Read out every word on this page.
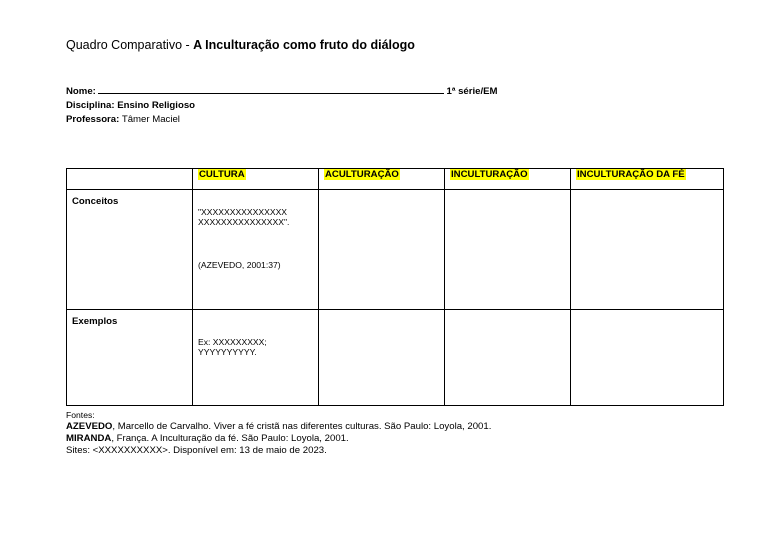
Quadro Comparativo - A Inculturação como fruto do diálogo
Nome:	1ª série/EM
Disciplina: Ensino Religioso
Professora: Tâmer Maciel
	CULTURA	ACULTURAÇÃO	INCULTURAÇÃO	INCULTURAÇÃO DA FÉ
Conceitos	"XXXXXXXXXXXXXXX XXXXXXXXXXXXXXX".
(AZEVEDO, 2001:37)			

Exemplos	Ex: XXXXXXXXX; YYYYYYYYYY.			

Fontes:
AZEVEDO, Marcello de Carvalho. Viver a fé cristã nas diferentes culturas. São Paulo: Loyola, 2001.
MIRANDA, França. A Inculturação da fé. São Paulo: Loyola, 2001.
Sites: <XXXXXXXXXX>. Disponível em: 13 de maio de 2023.
